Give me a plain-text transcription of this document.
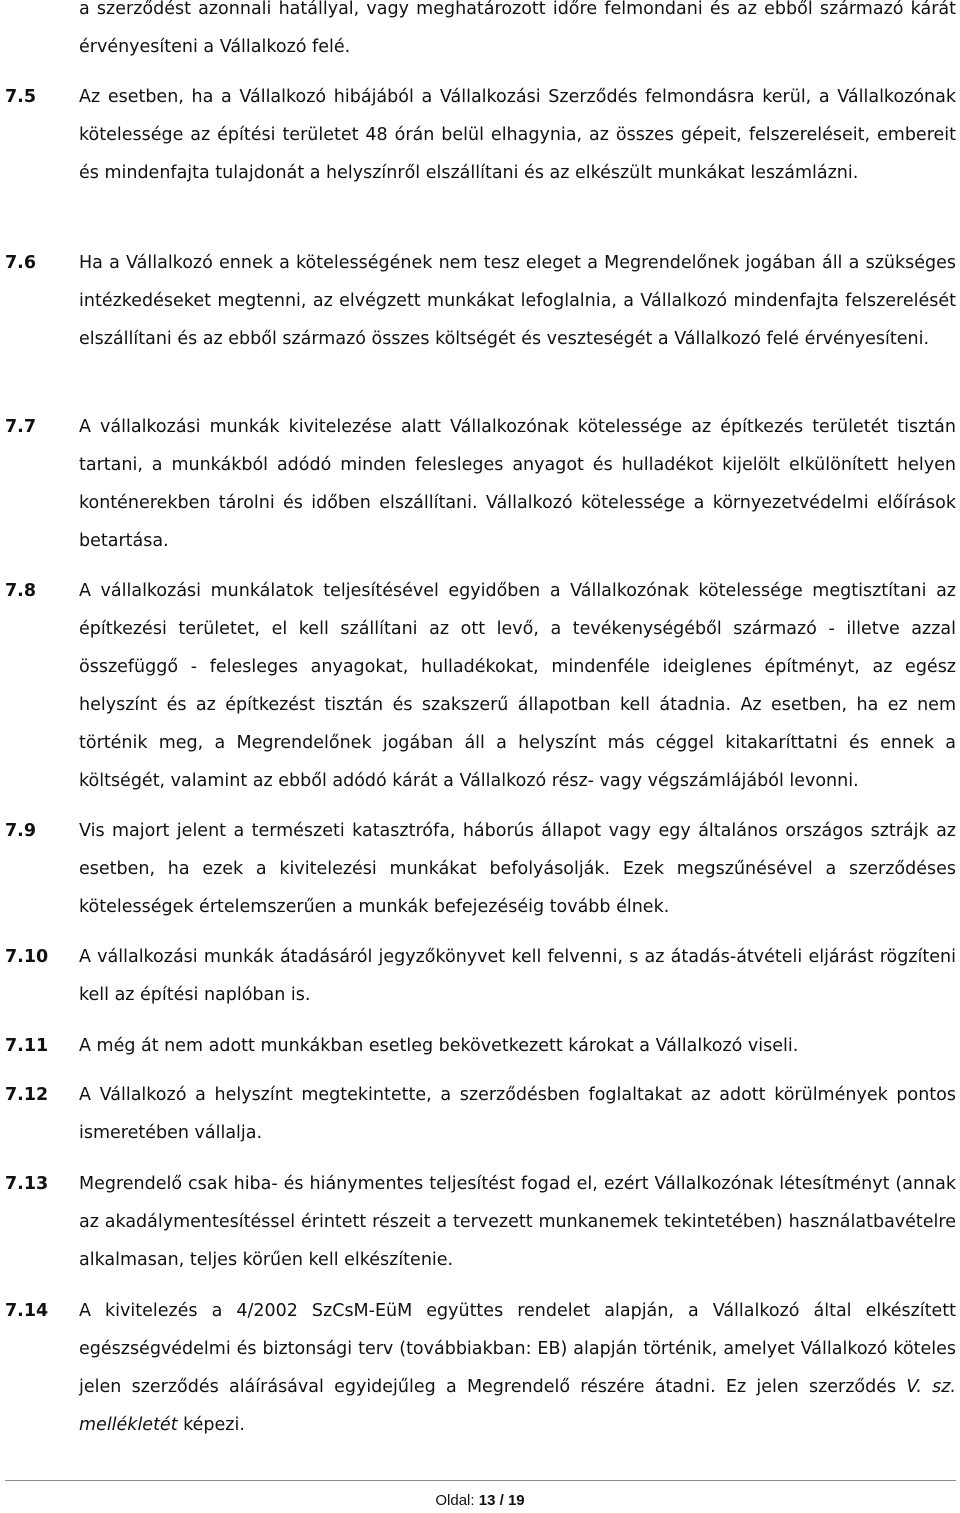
a szerződést azonnali hatállyal, vagy meghatározott időre felmondani és az ebből származó kárát érvényesíteni a Vállalkozó felé.
7.5 Az esetben, ha a Vállalkozó hibájából a Vállalkozási Szerződés felmondásra kerül, a Vállalkozónak kötelessége az építési területet 48 órán belül elhagynia, az összes gépeit, felszereléseit, embereit és mindenfajta tulajdonát a helyszínről elszállítani és az elkészült munkákat leszámlázni.
7.6 Ha a Vállalkozó ennek a kötelességének nem tesz eleget a Megrendelőnek jogában áll a szükséges intézkedéseket megtenni, az elvégzett munkákat lefoglalnia, a Vállalkozó mindenfajta felszerelését elszállítani és az ebből származó összes költségét és veszteségét a Vállalkozó felé érvényesíteni.
7.7 A vállalkozási munkák kivitelezése alatt Vállalkozónak kötelessége az építkezés területét tisztán tartani, a munkákból adódó minden felesleges anyagot és hulladékot kijelölt elkülönített helyen konténerekben tárolni és időben elszállítani. Vállalkozó kötelessége a környezetvédelmi előírások betartása.
7.8 A vállalkozási munkálatok teljesítésével egyidőben a Vállalkozónak kötelessége megtisztítani az építkezési területet, el kell szállítani az ott levő, a tevékenységéből származó - illetve azzal összefüggő - felesleges anyagokat, hulladékokat, mindenféle ideiglenes építményt, az egész helyszínt és az építkezést tisztán és szakszerű állapotban kell átadnia. Az esetben, ha ez nem történik meg, a Megrendelőnek jogában áll a helyszínt más céggel kitakaríttatni és ennek a költségét, valamint az ebből adódó kárát a Vállalkozó rész- vagy végszámlájából levonni.
7.9 Vis majort jelent a természeti katasztrófa, háborús állapot vagy egy általános országos sztrájk az esetben, ha ezek a kivitelezési munkákat befolyásolják. Ezek megszűnésével a szerződéses kötelességek értelemszerűen a munkák befejezéséig tovább élnek.
7.10 A vállalkozási munkák átadásáról jegyzőkönyvet kell felvenni, s az átadás-átvételi eljárást rögzíteni kell az építési naplóban is.
7.11 A még át nem adott munkákban esetleg bekövetkezett károkat a Vállalkozó viseli.
7.12 A Vállalkozó a helyszínt megtekintette, a szerződésben foglaltakat az adott körülmények pontos ismeretében vállalja.
7.13 Megrendelő csak hiba- és hiánymentes teljesítést fogad el, ezért Vállalkozónak létesítményt (annak az akadálymentesítéssel érintett részeit a tervezett munkanemek tekintetében) használatbavételre alkalmasan, teljes körűen kell elkészítenie.
7.14 A kivitelezés a 4/2002 SzCsM-EüM együttes rendelet alapján, a Vállalkozó által elkészített egészségvédelmi és biztonsági terv (továbbiakban: EB) alapján történik, amelyet Vállalkozó köteles jelen szerződés aláírásával egyidejűleg a Megrendelő részére átadni. Ez jelen szerződés V. sz. mellékletét képezi.
Oldal: 13 / 19
